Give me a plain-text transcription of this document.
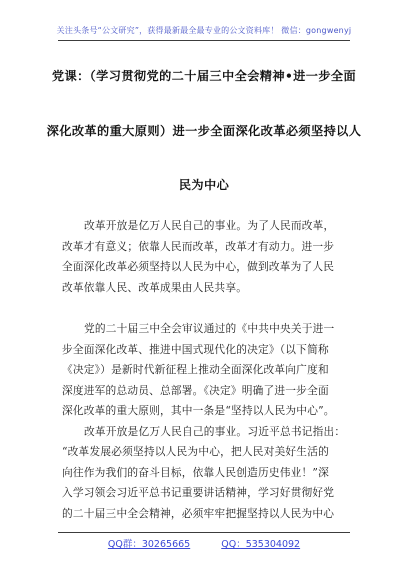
关注头条号“公文研究”，获得最新最全最专业的公文资料库！ 微信：gongwenyj
党课：（学习贯彻党的二十届三中全会精神•进一步全面
深化改革的重大原则）进一步全面深化改革必须坚持以人
民为中心
改革开放是亿万人民自己的事业。为了人民而改革，
改革才有意义；依靠人民而改革，改革才有动力。进一步
全面深化改革必须坚持以人民为中心，做到改革为了人民
改革依靠人民、改革成果由人民共享。
党的二十届三中全会审议通过的《中共中央关于进一
步全面深化改革、推进中国式现代化的决定》（以下简称
《决定》）是新时代新征程上推动全面深化改革向广度和
深度进军的总动员、总部署。《决定》明确了进一步全面
深化改革的重大原则，其中一条是“坚持以人民为中心”。
改革开放是亿万人民自己的事业。习近平总书记指出：
“改革发展必须坚持以人民为中心，把人民对美好生活的
向往作为我们的奋斗目标，依靠人民创造历史伟业！”深
入学习领会习近平总书记重要讲话精神，学习好贯彻好党
的二十届三中全会精神，必须牢牢把握坚持以人民为中心
QQ群：30265665	QQ：535304092
